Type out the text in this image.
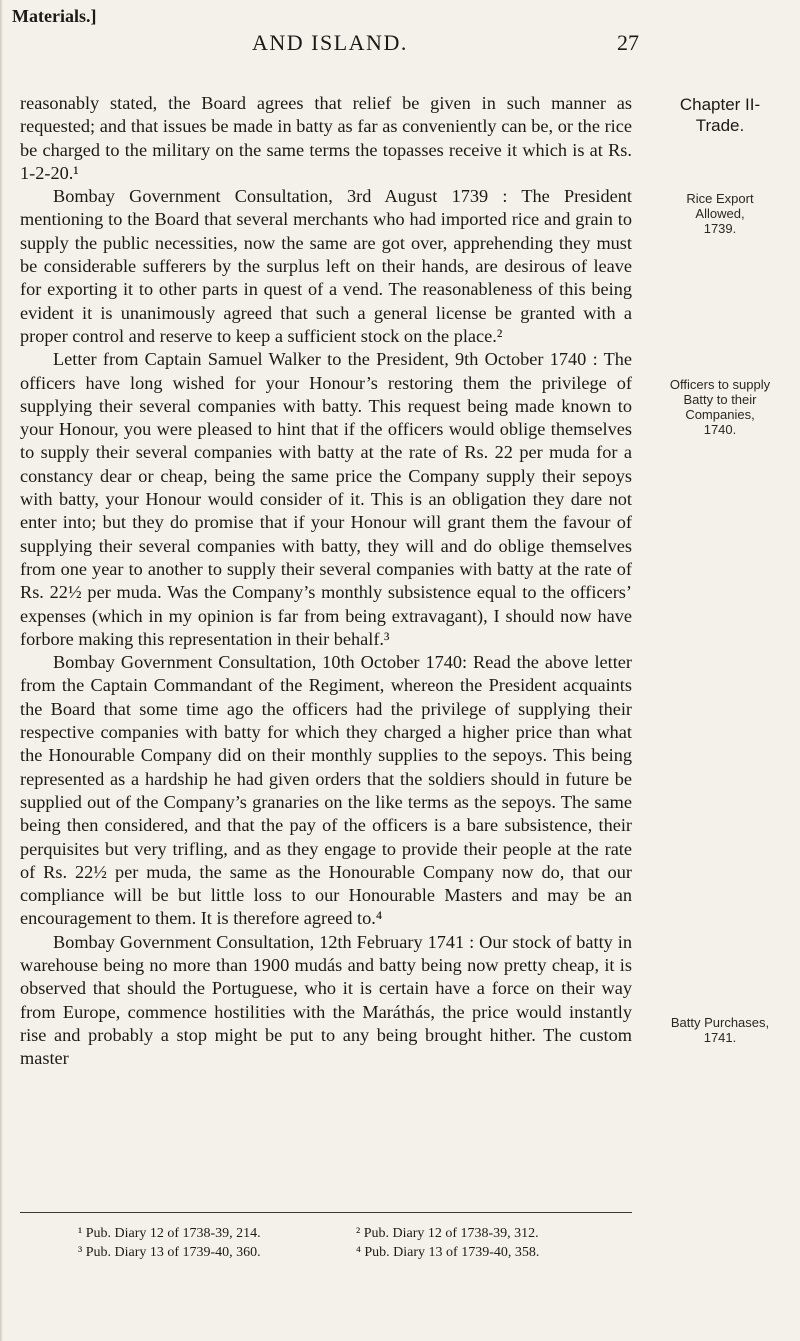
Materials.]
AND ISLAND.	27

reasonably stated, the Board agrees that relief be given in such manner as requested; and that issues be made in batty as far as conveniently can be, or the rice be charged to the military on the same terms the topasses receive it which is at Rs. 1-2-20.¹

Bombay Government Consultation, 3rd August 1739 : The President mentioning to the Board that several merchants who had imported rice and grain to supply the public necessities, now the same are got over, apprehending they must be considerable sufferers by the surplus left on their hands, are desirous of leave for exporting it to other parts in quest of a vend. The reasonableness of this being evident it is unanimously agreed that such a general license be granted with a proper control and reserve to keep a sufficient stock on the place.²

Letter from Captain Samuel Walker to the President, 9th October 1740 : The officers have long wished for your Honour’s restoring them the privilege of supplying their several companies with batty. This request being made known to your Honour, you were pleased to hint that if the officers would oblige themselves to supply their several companies with batty at the rate of Rs. 22 per muda for a constancy dear or cheap, being the same price the Company supply their sepoys with batty, your Honour would consider of it. This is an obligation they dare not enter into; but they do promise that if your Honour will grant them the favour of supplying their several companies with batty, they will and do oblige themselves from one year to another to supply their several companies with batty at the rate of Rs. 22½ per muda. Was the Company’s monthly subsistence equal to the officers’ expenses (which in my opinion is far from being extravagant), I should now have forbore making this representation in their behalf.³

Bombay Government Consultation, 10th October 1740: Read the above letter from the Captain Commandant of the Regiment, whereon the President acquaints the Board that some time ago the officers had the privilege of supplying their respective companies with batty for which they charged a higher price than what the Honourable Company did on their monthly supplies to the sepoys. This being represented as a hardship he had given orders that the soldiers should in future be supplied out of the Company’s granaries on the like terms as the sepoys. The same being then considered, and that the pay of the officers is a bare subsistence, their perquisites but very trifling, and as they engage to provide their people at the rate of Rs. 22½ per muda, the same as the Honourable Company now do, that our compliance will be but little loss to our Honourable Masters and may be an encouragement to them. It is therefore agreed to.⁴

Bombay Government Consultation, 12th February 1741 : Our stock of batty in warehouse being no more than 1900 mudás and batty being now pretty cheap, it is observed that should the Portuguese, who it is certain have a force on their way from Europe, commence hostilities with the Maráthás, the price would instantly rise and probably a stop might be put to any being brought hither. The custom master

Chapter II-
Trade.
Rice Export
Allowed,
1739.
Officers to supply
Batty to their
Companies,
1740.
Batty Purchases,
1741.
¹ Pub. Diary 12 of 1738-39, 214.	² Pub. Diary 12 of 1738-39, 312.
³ Pub. Diary 13 of 1739-40, 360.	⁴ Pub. Diary 13 of 1739-40, 358.
